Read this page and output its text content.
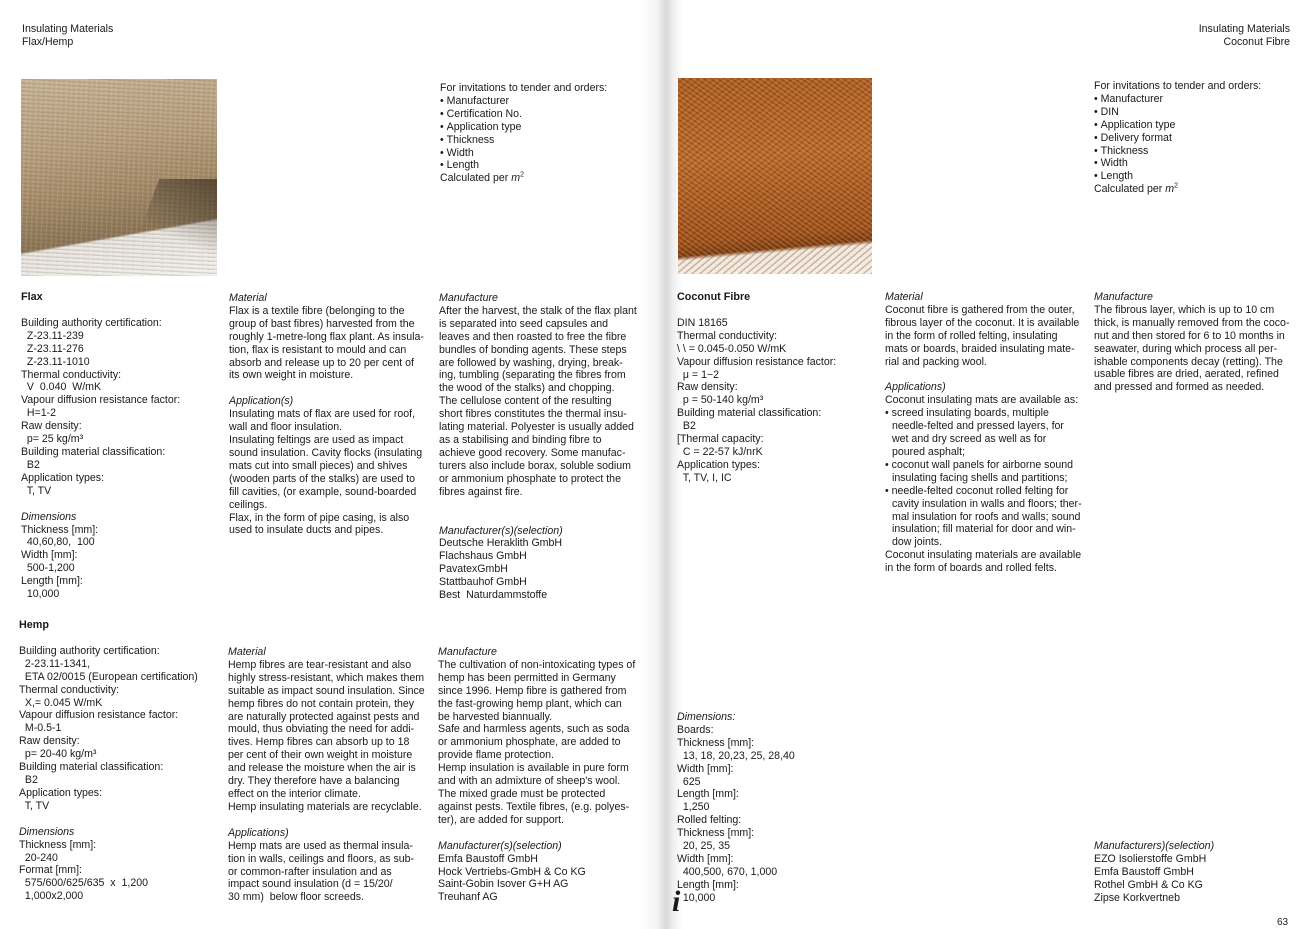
Insulating Materials
Flax/Hemp
For invitations to tender and orders:
• Manufacturer
• Certification No.
• Application type
• Thickness
• Width
• Length
Calculated per $m^2$
Flax
Building authority certification:
Z-23.11-239
Z-23.11-276
Z-23.11-1010
Thermal conductivity:
V  0.040  W/mK
Vapour diffusion resistance factor:
H=1-2
Raw density:
p= 25 kg/m³
Building material classification:
B2
Application types:
T, TV
Dimensions
Thickness [mm]:
40,60,80,  100
Width [mm]:
500-1,200
Length [mm]:
10,000
Material
Flax is a textile fibre (belonging to the
group of bast fibres) harvested from the
roughly 1-metre-long flax plant. As insula-
tion, flax is resistant to mould and can
absorb and release up to 20 per cent of
its own weight in moisture.
Application(s)
Insulating mats of flax are used for roof,
wall and floor insulation.
Insulating feltings are used as impact
sound insulation. Cavity flocks (insulating
mats cut into small pieces) and shives
(wooden parts of the stalks) are used to
fill cavities, (or example, sound-boarded
ceilings.
Flax, in the form of pipe casing, is also
used to insulate ducts and pipes.
Manufacture
After the harvest, the stalk of the flax plant
is separated into seed capsules and
leaves and then roasted to free the fibre
bundles of bonding agents. These steps
are followed by washing, drying, break-
ing, tumbling (separating the fibres from
the wood of the stalks) and chopping.
The cellulose content of the resulting
short fibres constitutes the thermal insu-
lating material. Polyester is usually added
as a stabilising and binding fibre to
achieve good recovery. Some manufac-
turers also include borax, soluble sodium
or ammonium phosphate to protect the
fibres against fire.
Manufacturer(s)(selection)
Deutsche Heraklith GmbH
Flachshaus GmbH
PavatexGmbH
Stattbauhof GmbH
Best  Naturdammstoffe
Hemp
Building authority certification:
2-23.11-1341,
ETA 02/0015 (European certification)
Thermal conductivity:
X,= 0.045 W/mK
Vapour diffusion resistance factor:
M-0.5-1
Raw density:
p= 20-40 kg/m³
Building material classification:
B2
Application types:
T, TV
Dimensions
Thickness [mm]:
20-240
Format [mm]:
575/600/625/635  x  1,200
1,000x2,000
Material
Hemp fibres are tear-resistant and also
highly stress-resistant, which makes them
suitable as impact sound insulation. Since
hemp fibres do not contain protein, they
are naturally protected against pests and
mould, thus obviating the need for addi-
tives. Hemp fibres can absorb up to 18
per cent of their own weight in moisture
and release the moisture when the air is
dry. They therefore have a balancing
effect on the interior climate.
Hemp insulating materials are recyclable.
Applications)
Hemp mats are used as thermal insula-
tion in walls, ceilings and floors, as sub-
or common-rafter insulation and as
impact sound insulation (d = 15/20/
30 mm)  below floor screeds.
Manufacture
The cultivation of non-intoxicating types of
hemp has been permitted in Germany
since 1996. Hemp fibre is gathered from
the fast-growing hemp plant, which can
be harvested biannually.
Safe and harmless agents, such as soda
or ammonium phosphate, are added to
provide flame protection.
Hemp insulation is available in pure form
and with an admixture of sheep's wool.
The mixed grade must be protected
against pests. Textile fibres, (e.g. polyes-
ter), are added for support.
Manufacturer(s)(selection)
Emfa Baustoff GmbH
Hock Vertriebs-GmbH & Co KG
Saint-Gobin Isover G+H AG
Treuhanf AG
Insulating Materials
Coconut Fibre
For invitations to tender and orders:
• Manufacturer
• DIN
• Application type
• Delivery format
• Thickness
• Width
• Length
Calculated per $m^2$
Coconut Fibre
DIN 18165
Thermal conductivity:
\ \ = 0.045-0.050 W/mK
Vapour diffusion resistance factor:
μ = 1−2
Raw density:
p = 50-140 kg/m³
Building material classification:
B2
[Thermal capacity:
C = 22-57 kJ/nrK
Application types:
T, TV, I, IC
Material
Coconut fibre is gathered from the outer,
fibrous layer of the coconut. It is available
in the form of rolled felting, insulating
mats or boards, braided insulating mate-
rial and packing wool.
Applications)
Coconut insulating mats are available as:
• screed insulating boards, multiple
needle-felted and pressed layers, for
wet and dry screed as well as for
poured asphalt;
• coconut wall panels for airborne sound
insulating facing shells and partitions;
• needle-felted coconut rolled felting for
cavity insulation in walls and floors; ther-
mal insulation for roofs and walls; sound
insulation; fill material for door and win-
dow joints.
Coconut insulating materials are available
in the form of boards and rolled felts.
Manufacture
The fibrous layer, which is up to 10 cm
thick, is manually removed from the coco-
nut and then stored for 6 to 10 months in
seawater, during which process all per-
ishable components decay (retting). The
usable fibres are dried, aerated, refined
and pressed and formed as needed.
Dimensions:
Boards:
Thickness [mm]:
13, 18, 20,23, 25, 28,40
Width [mm]:
625
Length [mm]:
1,250
Rolled felting:
Thickness [mm]:
20, 25, 35
Width [mm]:
400,500, 670, 1,000
Length [mm]:
10,000
Manufacturers)(selection)
EZO Isolierstoffe GmbH
Emfa Baustoff GmbH
Rothel GmbH & Co KG
Zipse Korkvertneb
i
63
